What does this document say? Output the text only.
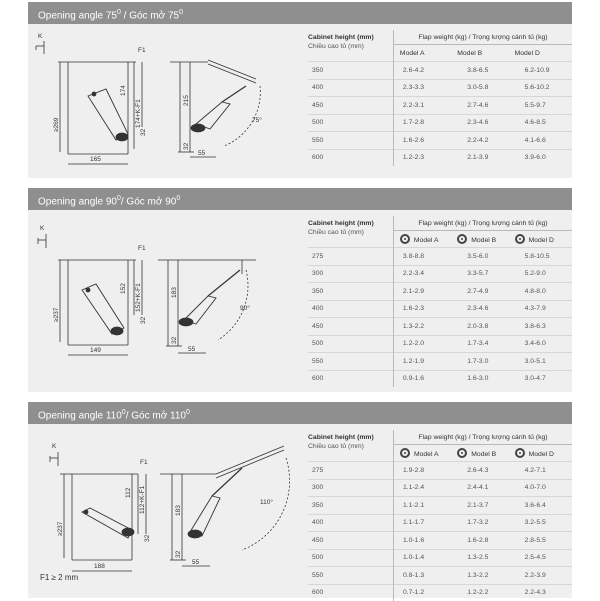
Opening angle $75^0$ / Góc mở $75^0$
K
F1
≥269
174
174+K-F1
165
32
215
32
55
75°
Cabinet height (mm)
Chiều cao tủ (mm)	Flap weight (kg) / Trọng lượng cánh tủ (kg)		
	Model A	Model B	Model D
350	2.6-4.2	3.8-6.5	6.2-10.9
400	2.3-3.3	3.0-5.8	5.6-10.2
450	2.2-3.1	2.7-4.6	5.5-9.7
500	1.7-2.8	2.3-4.6	4.6-8.5
550	1.6-2.6	2.2-4.2	4.1-6.6
600	1.2-2.3	2.1-3.9	3.9-6.0
Opening angle $90^0/$ Góc mở $90^0$
K
F1
≥237
152 152+K-F1
149
32
183
32
55
90°
Cabinet height (mm)
Chiều cao tủ (mm)	Flap weight (kg) / Trọng lượng cánh tủ (kg)		
	Model A	Model B	Model D
275	3.8-8.8	3.5-6.0	5.8-10.5
300	2.2-3.4	3.3-5.7	5.2-9.0
350	2.1-2.9	2.7-4.9	4.8-8.0
400	1.6-2.3	2.3-4.6	4.3-7.9
450	1.3-2.2	2.0-3.8	3.8-6.3
500	1.2-2.0	1.7-3.4	3.4-6.0
550	1.2-1.9	1.7-3.0	3.0-5.1
600	0.9-1.6	1.6-3.0	3.0-4.7
Opening angle $110^0/$ Góc mở $110^0$
K
F1
≥237
112 112+K-F1
188
32
183
32
55
110°
Cabinet height (mm)
Chiều cao tủ (mm)	Flap weight (kg) / Trọng lượng cánh tủ (kg)		
	Model A	Model B	Model D
275	1.9-2.8	2.6-4.3	4.2-7.1
300	1.1-2.4	2.4-4.1	4.0-7.0
350	1.1-2.1	2.1-3.7	3.6-6.4
400	1.1-1.7	1.7-3.2	3.2-5.5
450	1.0-1.6	1.6-2.8	2.8-5.5
500	1.0-1.4	1.3-2.5	2.5-4.5
550	0.8-1.3	1.3-2.2	2.2-3.9
600	0.7-1.2	1.2-2.2	2.2-4.3
F1 ≥ 2 mm
